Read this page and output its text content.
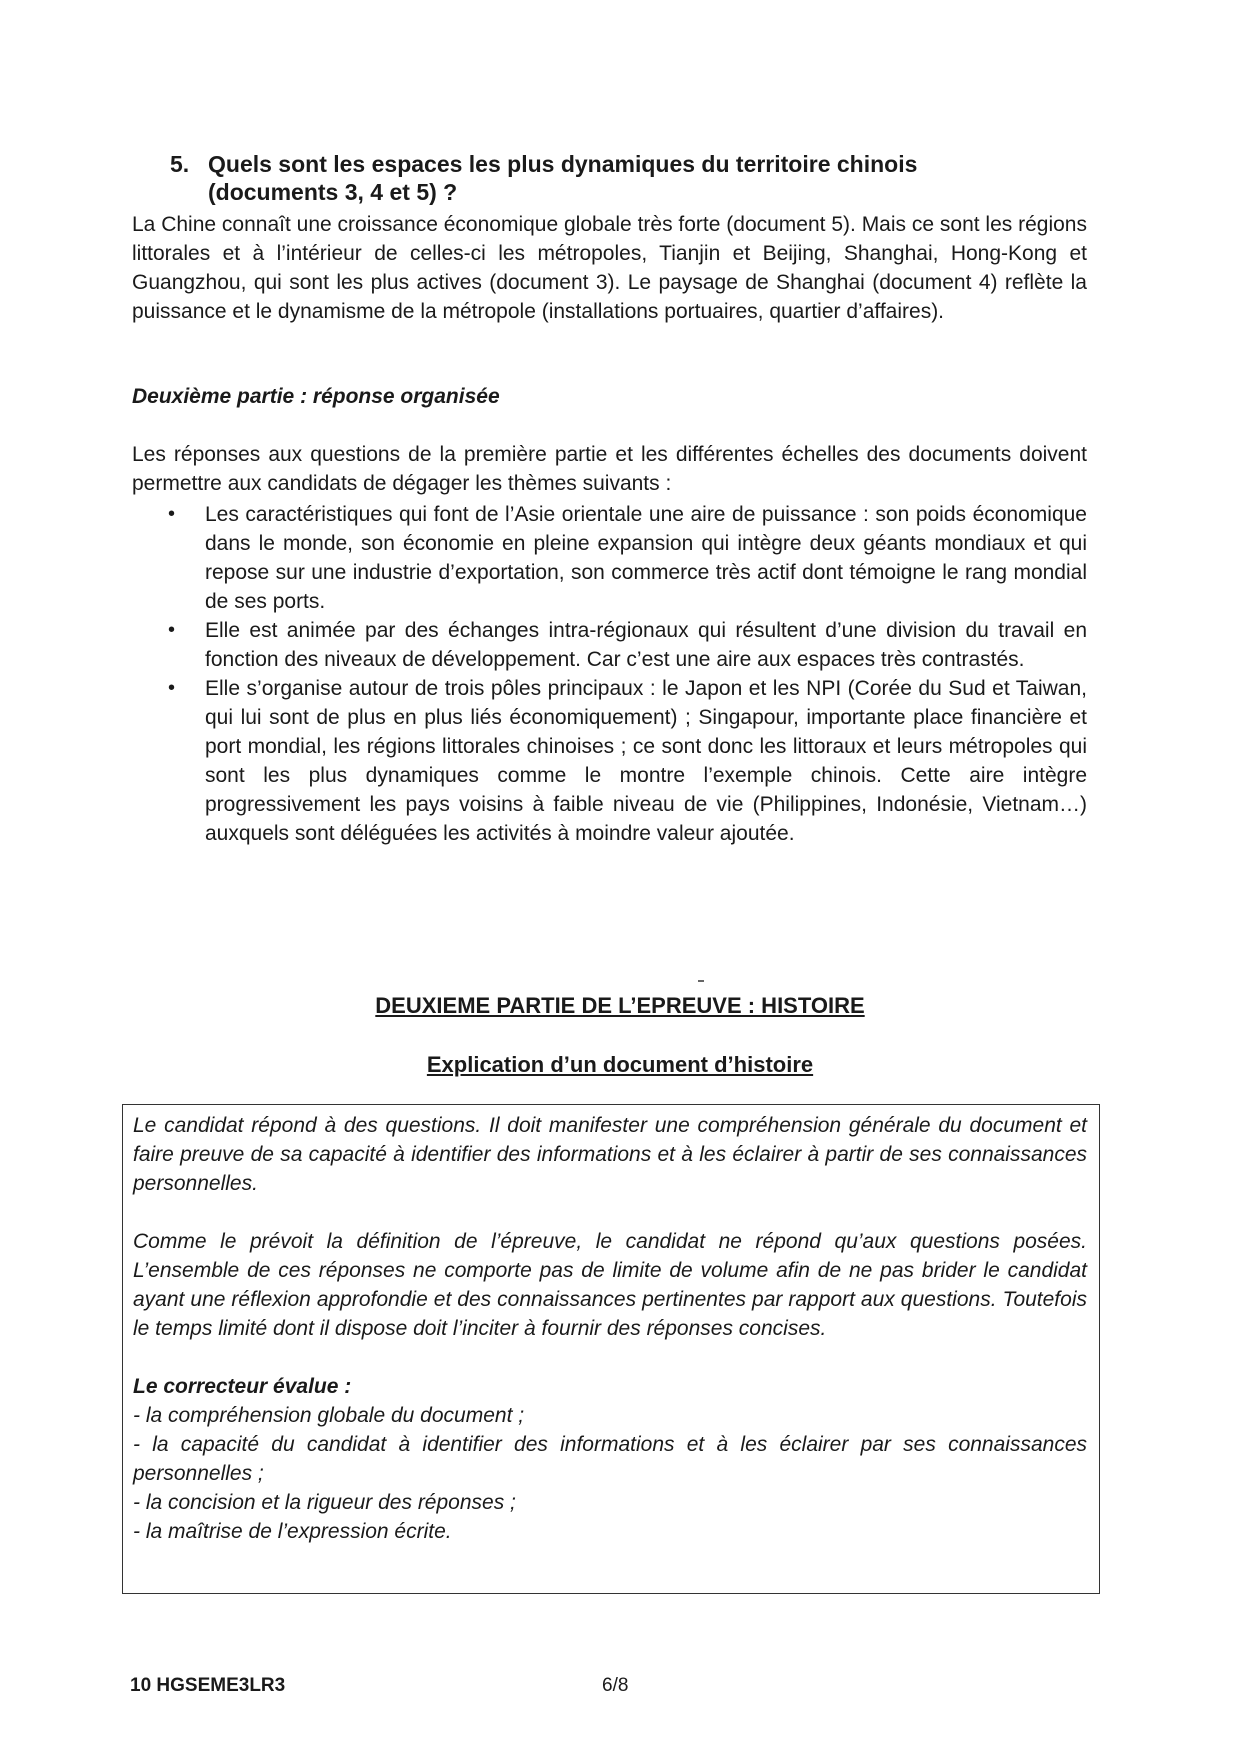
5. Quels sont les espaces les plus dynamiques du territoire chinois
(documents 3, 4 et 5) ?

La Chine connaît une croissance économique globale très forte (document 5). Mais ce sont les régions littorales et à l’intérieur de celles-ci les métropoles, Tianjin et Beijing, Shanghai, Hong-Kong et Guangzhou, qui sont les plus actives (document 3). Le paysage de Shanghai (document 4) reflète la puissance et le dynamisme de la métropole (installations portuaires, quartier d’affaires).

Deuxième partie : réponse organisée

Les réponses aux questions de la première partie et les différentes échelles des documents doivent permettre aux candidats de dégager les thèmes suivants :

• Les caractéristiques qui font de l’Asie orientale une aire de puissance : son poids économique dans le monde, son économie en pleine expansion qui intègre deux géants mondiaux et qui repose sur une industrie d’exportation, son commerce très actif dont témoigne le rang mondial de ses ports.
• Elle est animée par des échanges intra-régionaux qui résultent d’une division du travail en fonction des niveaux de développement. Car c’est une aire aux espaces très contrastés.
• Elle s’organise autour de trois pôles principaux : le Japon et les NPI (Corée du Sud et Taiwan, qui lui sont de plus en plus liés économiquement) ; Singapour, importante place financière et port mondial, les régions littorales chinoises ; ce sont donc les littoraux et leurs métropoles qui sont les plus dynamiques comme le montre l’exemple chinois. Cette aire intègre progressivement les pays voisins à faible niveau de vie (Philippines, Indonésie, Vietnam…) auxquels sont déléguées les activités à moindre valeur ajoutée.
DEUXIEME PARTIE DE L’EPREUVE : HISTOIRE
Explication d’un document d’histoire

Le candidat répond à des questions. Il doit manifester une compréhension générale du document et faire preuve de sa capacité à identifier des informations et à les éclairer à partir de ses connaissances personnelles.

Comme le prévoit la définition de l’épreuve, le candidat ne répond qu’aux questions posées. L’ensemble de ces réponses ne comporte pas de limite de volume afin de ne pas brider le candidat ayant une réflexion approfondie et des connaissances pertinentes par rapport aux questions. Toutefois le temps limité dont il dispose doit l’inciter à fournir des réponses concises.

Le correcteur évalue :

- la compréhension globale du document ;

- la capacité du candidat à identifier des informations et à les éclairer par ses connaissances personnelles ;

- la concision et la rigueur des réponses ;

- la maîtrise de l’expression écrite.

10 HGSEME3LR3	6/8
